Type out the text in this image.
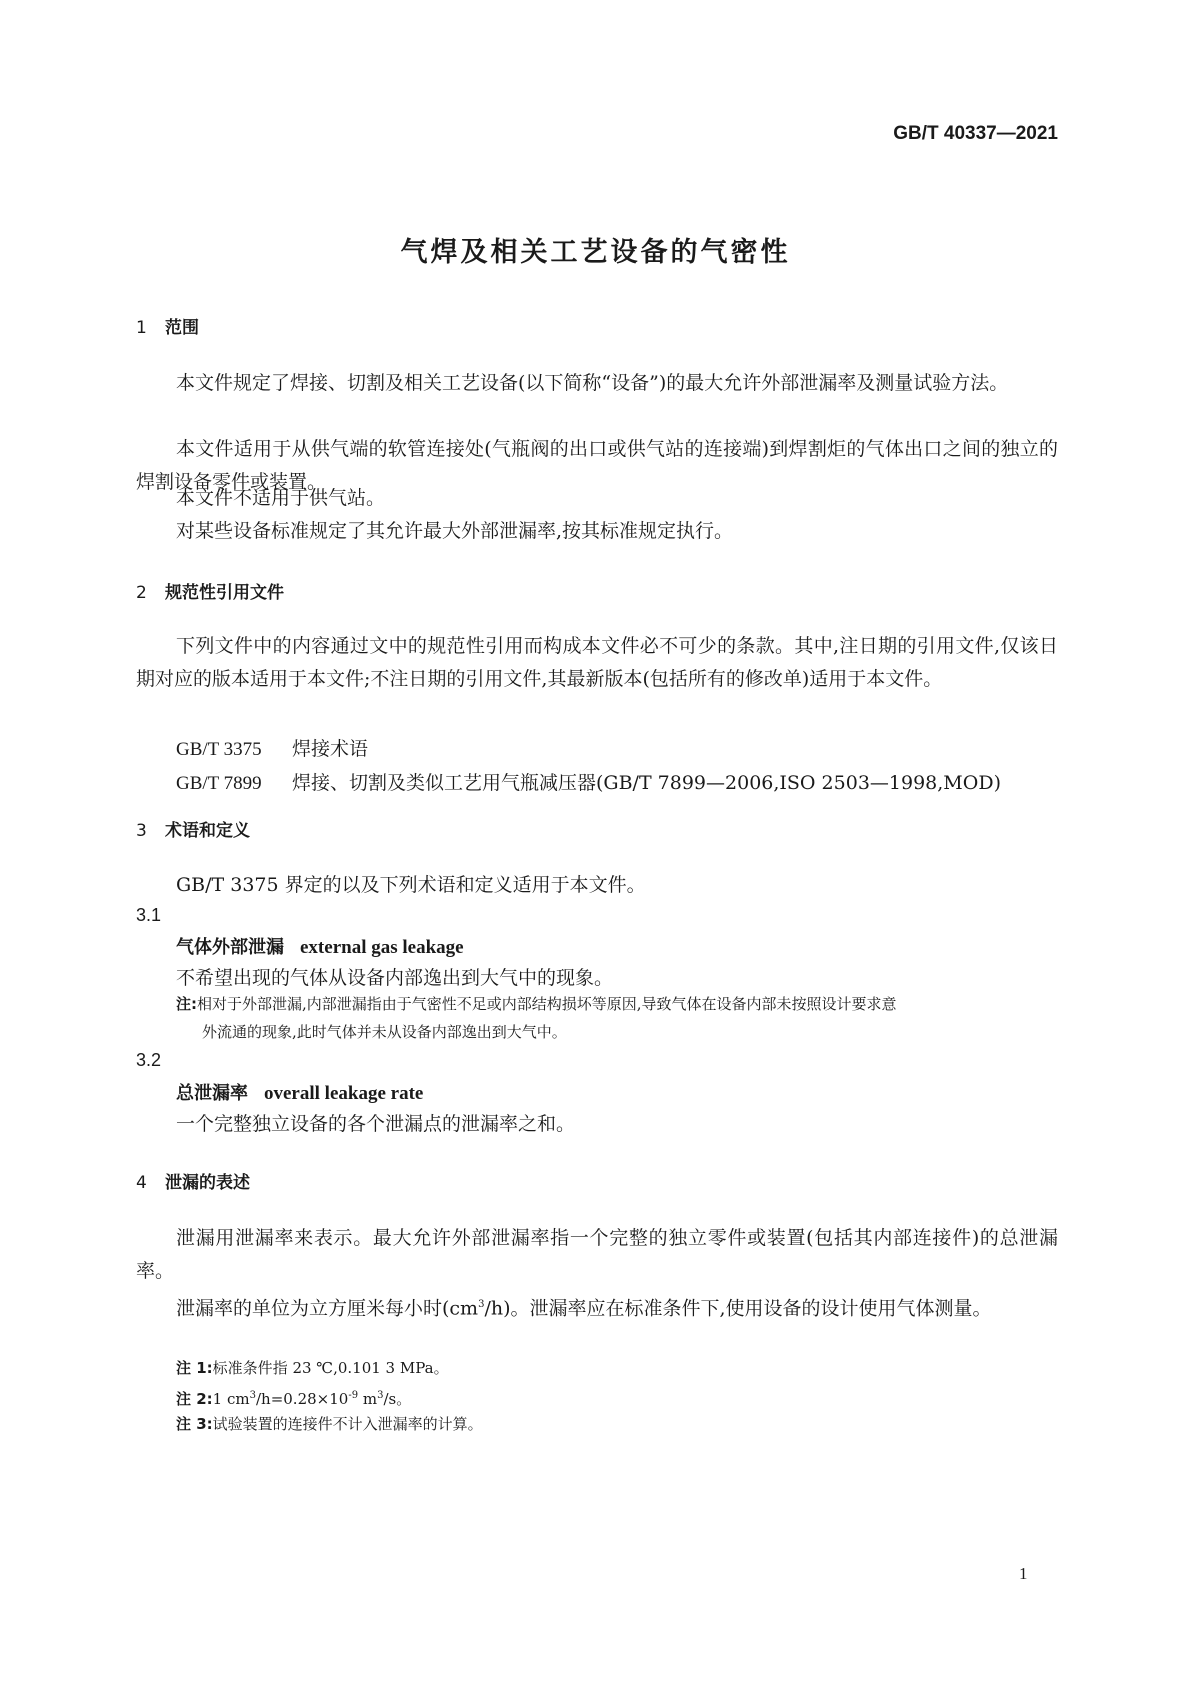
GB/T 40337—2021
气焊及相关工艺设备的气密性
1 范围
本文件规定了焊接、切割及相关工艺设备(以下简称“设备”)的最大允许外部泄漏率及测量试验方法。
本文件适用于从供气端的软管连接处(气瓶阀的出口或供气站的连接端)到焊割炬的气体出口之间的独立的焊割设备零件或装置。
本文件不适用于供气站。
对某些设备标准规定了其允许最大外部泄漏率,按其标准规定执行。
2 规范性引用文件
下列文件中的内容通过文中的规范性引用而构成本文件必不可少的条款。其中,注日期的引用文件,仅该日期对应的版本适用于本文件;不注日期的引用文件,其最新版本(包括所有的修改单)适用于本文件。
GB/T 3375 焊接术语
GB/T 7899 焊接、切割及类似工艺用气瓶减压器(GB/T 7899—2006,ISO 2503—1998,MOD)
3 术语和定义
GB/T 3375 界定的以及下列术语和定义适用于本文件。
3.1
气体外部泄漏 external gas leakage
不希望出现的气体从设备内部逸出到大气中的现象。
注:相对于外部泄漏,内部泄漏指由于气密性不足或内部结构损坏等原因,导致气体在设备内部未按照设计要求意
外流通的现象,此时气体并未从设备内部逸出到大气中。
3.2
总泄漏率 overall leakage rate
一个完整独立设备的各个泄漏点的泄漏率之和。
4 泄漏的表述
泄漏用泄漏率来表示。最大允许外部泄漏率指一个完整的独立零件或装置(包括其内部连接件)的总泄漏率。
泄漏率的单位为立方厘米每小时$(cm^3/h)$。泄漏率应在标准条件下,使用设备的设计使用气体测量。
注 1:标准条件指 23 ℃,0.101 3 MPa。
注 2:1 $cm^3/h=0.28\times 10^{-9}$ $m^3/s$。
注 3:试验装置的连接件不计入泄漏率的计算。
1
